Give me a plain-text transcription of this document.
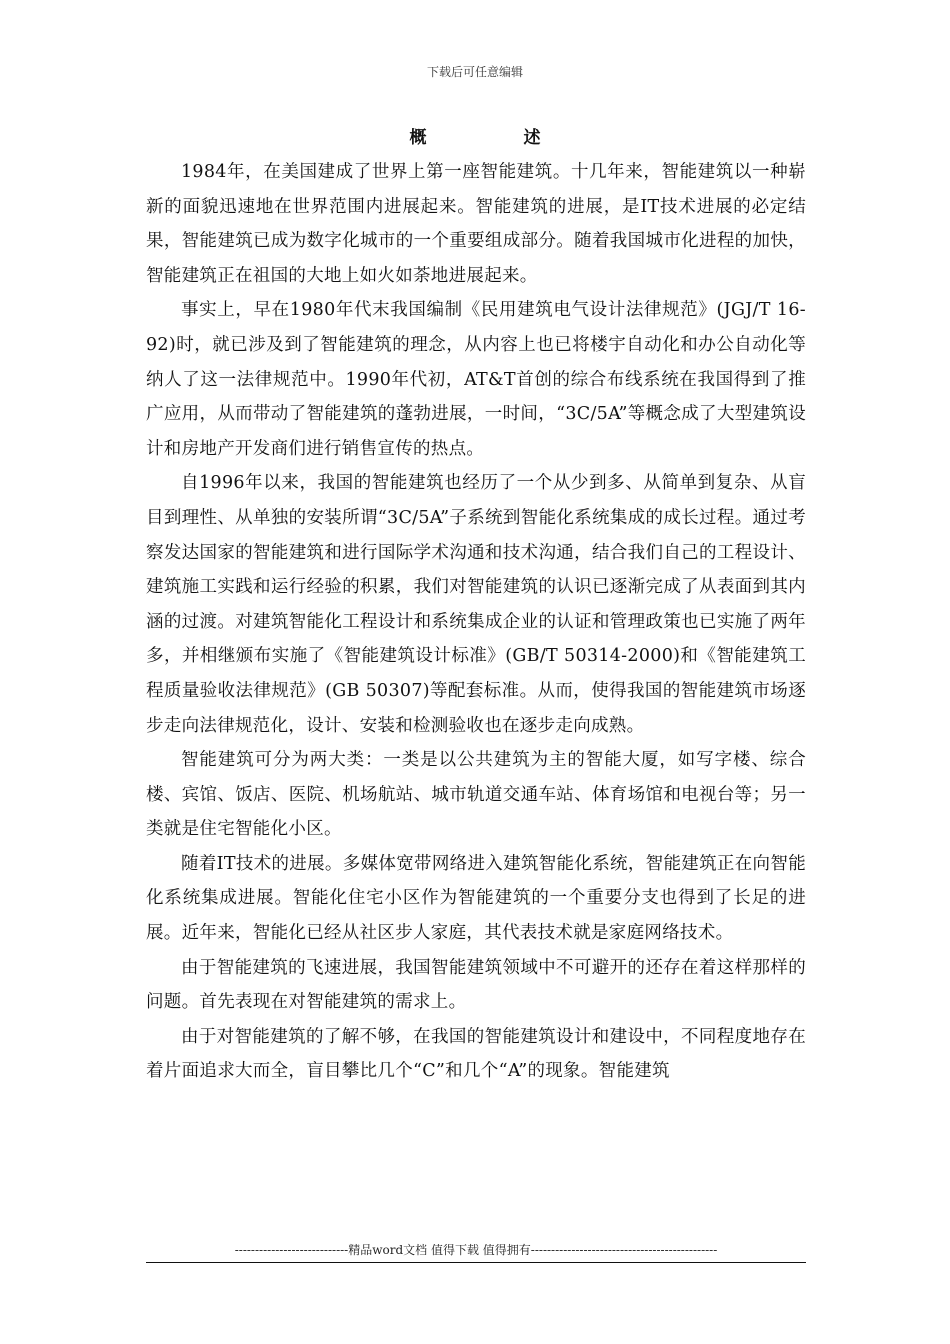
下载后可任意编辑
概　述

1984年，在美国建成了世界上第一座智能建筑。十几年来，智能建筑以一种崭新的面貌迅速地在世界范围内进展起来。智能建筑的进展，是IT技术进展的必定结果，智能建筑已成为数字化城市的一个重要组成部分。随着我国城市化进程的加快，智能建筑正在祖国的大地上如火如荼地进展起来。

事实上，早在1980年代末我国编制《民用建筑电气设计法律规范》(JGJ/T 16-92)时，就已涉及到了智能建筑的理念，从内容上也已将楼宇自动化和办公自动化等纳人了这一法律规范中。1990年代初，AT&T首创的综合布线系统在我国得到了推广应用，从而带动了智能建筑的蓬勃进展，一时间，“3C/5A”等概念成了大型建筑设计和房地产开发商们进行销售宣传的热点。

自1996年以来，我国的智能建筑也经历了一个从少到多、从简单到复杂、从盲目到理性、从单独的安装所谓“3C/5A”子系统到智能化系统集成的成长过程。通过考察发达国家的智能建筑和进行国际学术沟通和技术沟通，结合我们自己的工程设计、建筑施工实践和运行经验的积累，我们对智能建筑的认识已逐渐完成了从表面到其内涵的过渡。对建筑智能化工程设计和系统集成企业的认证和管理政策也已实施了两年多，并相继颁布实施了《智能建筑设计标准》(GB/T 50314-2000)和《智能建筑工程质量验收法律规范》(GB 50307)等配套标准。从而，使得我国的智能建筑市场逐步走向法律规范化，设计、安装和检测验收也在逐步走向成熟。

智能建筑可分为两大类：一类是以公共建筑为主的智能大厦，如写字楼、综合楼、宾馆、饭店、医院、机场航站、城市轨道交通车站、体育场馆和电视台等；另一类就是住宅智能化小区。

随着IT技术的进展。多媒体宽带网络进入建筑智能化系统，智能建筑正在向智能化系统集成进展。智能化住宅小区作为智能建筑的一个重要分支也得到了长足的进展。近年来，智能化已经从社区步人家庭，其代表技术就是家庭网络技术。

由于智能建筑的飞速进展，我国智能建筑领域中不可避开的还存在着这样那样的问题。首先表现在对智能建筑的需求上。

由于对智能建筑的了解不够，在我国的智能建筑设计和建设中，不同程度地存在着片面追求大而全，盲目攀比几个“C”和几个“A”的现象。智能建筑

----------------------------精品word文档 值得下载 值得拥有----------------------------------------------
